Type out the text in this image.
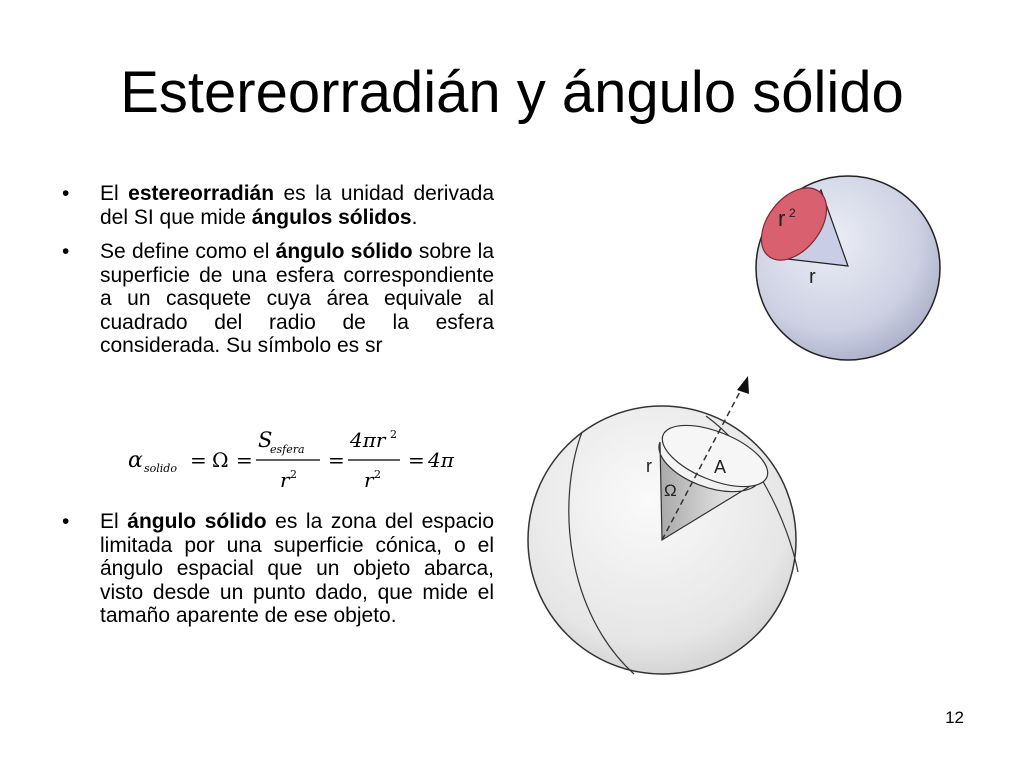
Estereorradián y ángulo sólido
• El estereorradián es la unidad derivada del SI que mide ángulos sólidos.
• Se define como el ángulo sólido sobre la superficie de una esfera correspondiente a un casquete cuya área equivale al cuadrado del radio de la esfera considerada. Su símbolo es sr
• El ángulo sólido es la zona del espacio limitada por una superficie cónica, o el ángulo espacial que un objeto abarca, visto desde un punto dado, que mide el tamaño aparente de ese objeto.
α solido = Ω =
S
esfera
r 2
=
4πr 2
r 2
= 4π
r 2
r
r	A
Ω
12
